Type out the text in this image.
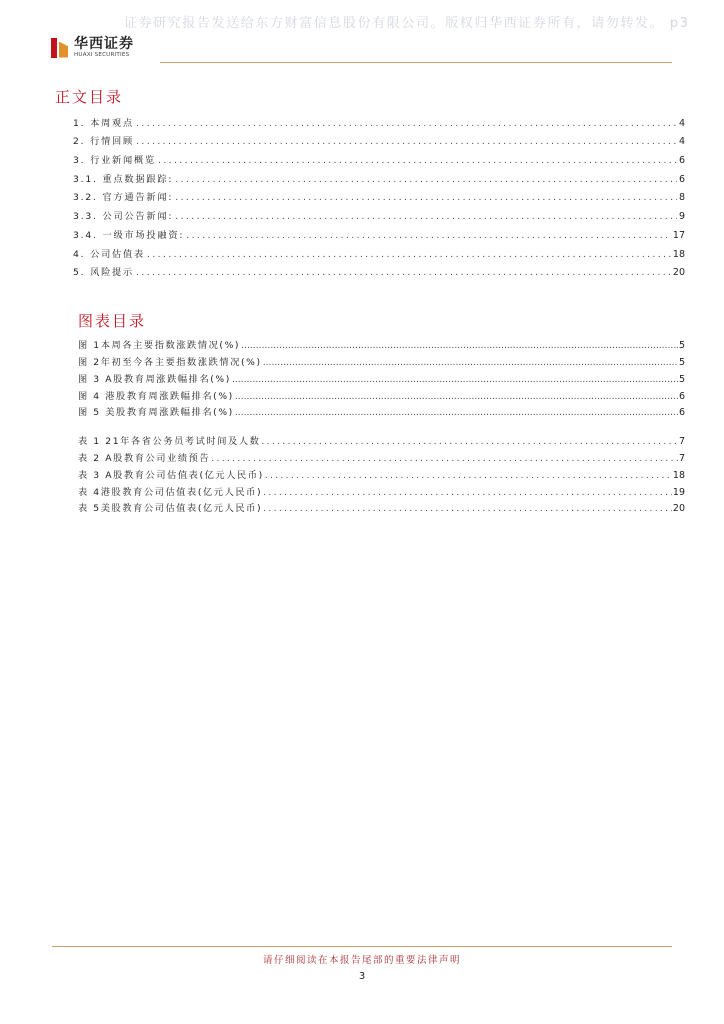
证券研究报告发送给东方财富信息股份有限公司。版权归华西证券所有，请勿转发。 p3
华西证券
HUAXI SECURITIES
正文目录
1. 本周观点 .....	4
2. 行情回顾 .....	4
3. 行业新闻概览 .....	6
3.1. 重点数据跟踪: .....	6
3.2. 官方通告新闻: .....	8
3.3. 公司公告新闻: .....	9
3.4. 一级市场投融资: .....	17
4. 公司估值表 .....	18
5. 风险提示 .....	20
图表目录
图 1本周各主要指数涨跌情况(%) .....	5
图 2年初至今各主要指数涨跌情况(%) .....	5
图 3 A股教育周涨跌幅排名(%) .....	5
图 4 港股教育周涨跌幅排名(%) .....	6
图 5 美股教育周涨跌幅排名(%) .....	6
表 1 21年各省公务员考试时间及人数 .....	7
表 2 A股教育公司业绩预告 .....	7
表 3 A股教育公司估值表(亿元人民币) .....	18
表 4港股教育公司估值表(亿元人民币) .....	19
表 5美股教育公司估值表(亿元人民币) .....	20
请仔细阅读在本报告尾部的重要法律声明
3
